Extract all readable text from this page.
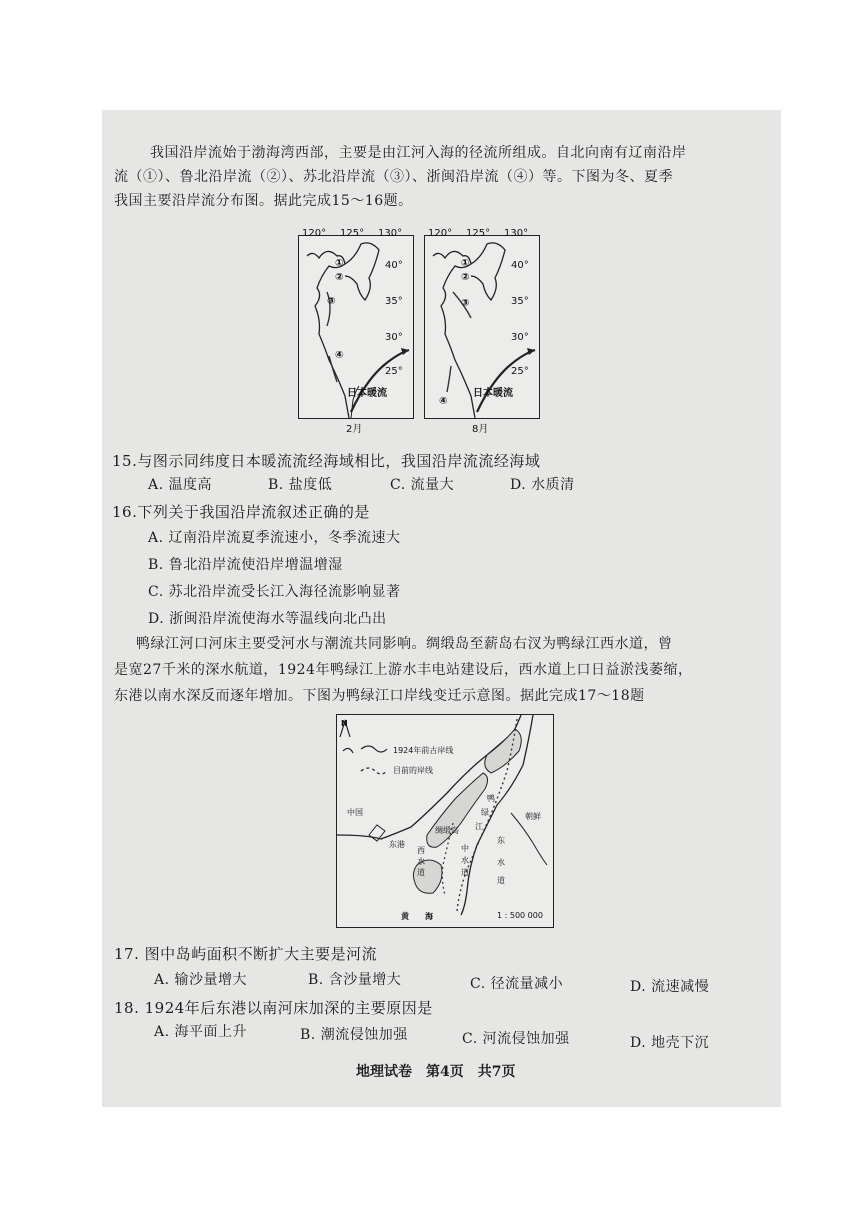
我国沿岸流始于渤海湾西部，主要是由江河入海的径流所组成。自北向南有辽南沿岸
流（①）、鲁北沿岸流（②）、苏北沿岸流（③）、浙闽沿岸流（④）等。下图为冬、夏季
我国主要沿岸流分布图。据此完成15～16题。
①
②
③
④
40°
35°
30°
25°
日本暖流
120° 125° 130°
2月
①
②
③
④
40°
35°
30°
25°
日本暖流
120° 125° 130°
8月
15.与图示同纬度日本暖流流经海域相比，我国沿岸流流经海域
A. 温度高	B. 盐度低	C. 流量大	D. 水质清
16.下列关于我国沿岸流叙述正确的是
A. 辽南沿岸流夏季流速小，冬季流速大
B. 鲁北沿岸流使沿岸增温增湿
C. 苏北沿岸流受长江入海径流影响显著
D. 浙闽沿岸流使海水等温线向北凸出
鸭绿江河口河床主要受河水与潮流共同影响。绸缎岛至薪岛右汊为鸭绿江西水道，曾
是宽27千米的深水航道，1924年鸭绿江上游水丰电站建设后，西水道上口日益淤浅萎缩，
东港以南水深反而逐年增加。下图为鸭绿江口岸线变迁示意图。据此完成17～18题
N
1924年前古岸线
目前的岸线
中国	朝鲜
东港
绸缎岛
西
水
道
中
水
道
东
水
道
鸭
绿
江
黄　　海	1 : 500 000
17. 图中岛屿面积不断扩大主要是河流
A. 输沙量增大	B. 含沙量增大	C. 径流量减小	D. 流速减慢
18. 1924年后东港以南河床加深的主要原因是
A. 海平面上升	B. 潮流侵蚀加强	C. 河流侵蚀加强	D. 地壳下沉
地理试卷　第4页　共7页
